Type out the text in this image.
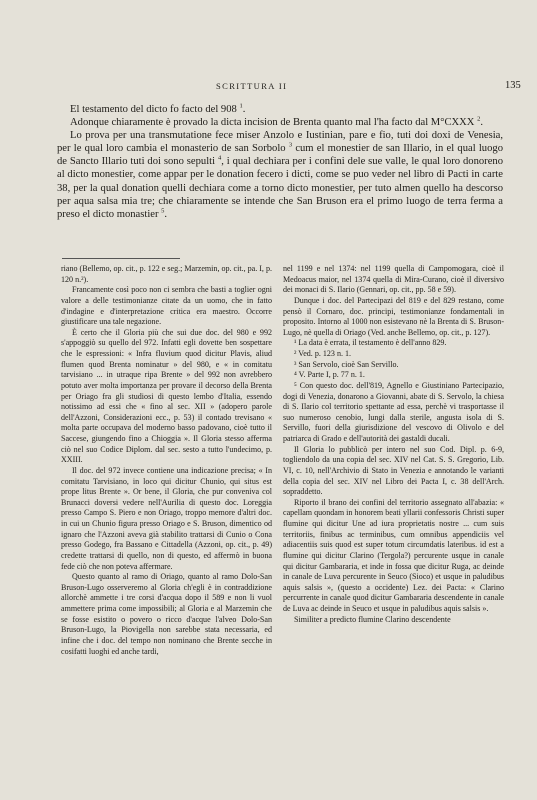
SCRITTURA II	135

El testamento del dicto fo facto del 908 $^1$.

Adonque chiaramente è provado la dicta incision de Brenta quanto mal l'ha facto dal M°CXXX $^2$.

Lo prova per una transmutatione fece miser Anzolo e Iustinian, pare e fio, tuti doi doxi de Venesia, per le qual loro cambia el monasterio de san Sorbolo $^3$ cum el monestier de san Illario, in el qual luogo de Sancto Illario tuti doi sono sepulti $^4$, i qual dechiara per i confini dele sue valle, le qual loro donoreno al dicto monestier, come appar per le donation fecero i dicti, come se puo veder nel libro di Pacti in carte 38, per la qual donation quelli dechiara come a torno dicto monestier, per tuto almen quello ha descorso per aqua salsa mia tre; che chiaramente se intende che San Bruson era el primo luogo de terra ferma a preso el dicto monastier $^5$.

riano (Bellemo, op. cit., p. 122 e seg.; Marzemin, op. cit., pa. I, p. 120 n.²).

Francamente così poco non ci sembra che basti a toglier ogni valore a delle testimonianze citate da un uomo, che in fatto d'indagine e d'interpretazione critica era maestro. Occorre giustificare una tale negazione.

È certo che il Gloria più che sui due doc. del 980 e 992 s'appoggiò su quello del 972. Infatti egli dovette ben sospettare che le espressioni: « Infra fluvium quod dicitur Plavis, aliud flumen quod Brenta nominatur » del 980, e « in comitatu tarvisiano ... in utraque ripa Brente » del 992 non avrebbero potuto aver molta importanza per provare il decorso della Brenta per Oriago fra gli studiosi di questo lembo d'Italia, essendo notissimo ad essi che « fino al sec. XII » (adopero parole dell'Azzoni, Considerazioni ecc., p. 53) il contado trevisano « molta parte occupava del moderno basso padovano, cioè tutto il Saccese, giungendo fino a Chioggia ». Il Gloria stesso afferma ciò nel suo Codice Diplom. dal sec. sesto a tutto l'undecimo, p. XXIII.

Il doc. del 972 invece contiene una indicazione precisa; « In comitatu Tarvisiano, in loco qui dicitur Chunio, qui situs est prope litus Brente ». Or bene, il Gloria, che pur conveniva col Brunacci doversi vedere nell'Aurilia di questo doc. Loreggia presso Campo S. Piero e non Oriago, troppo memore d'altri doc. in cui un Chunio figura presso Oriago e S. Bruson, dimentico od ignaro che l'Azzoni aveva già stabilito trattarsi di Cunio o Cona presso Godego, fra Bassano e Cittadella (Azzoni, op. cit., p. 49) credette trattarsi di quello, non di questo, ed affermò in buona fede ciò che non poteva affermare.

Questo quanto al ramo di Oriago, quanto al ramo Dolo-San Bruson-Lugo osserveremo al Gloria ch'egli è in contraddizione allorchè ammette i tre corsi d'acqua dopo il 589 e non li vuol ammettere prima come impossibili; al Gloria e al Marzemin che se fosse esistito o povero o ricco d'acque l'alveo Dolo-San Bruson-Lugo, la Piovigella non sarebbe stata necessaria, ed infine che i doc. del tempo non nominano che Brente secche in cosifatti luoghi ed anche tardi,

nel 1199 e nel 1374: nel 1199 quella di Campomogara, cioè il Medoacus maior, nel 1374 quella di Mira-Curano, cioè il diversivo dei monaci di S. Ilario (Gennari, op. cit., pp. 58 e 59).

Dunque i doc. del Partecipazi del 819 e del 829 restano, come pensò il Cornaro, doc. principi, testimonianze fondamentali in proposito. Intorno al 1000 non esistevano nè la Brenta di S. Bruson-Lugo, nè quella di Oriago (Ved. anche Bellemo, op. cit., p. 127).

¹ La data è errata, il testamento è dell'anno 829.

² Ved. p. 123 n. 1.

³ San Servolo, cioè San Servillo.

⁴ V. Parte I, p. 77 n. 1.

⁵ Con questo doc. dell'819, Agnello e Giustiniano Partecipazio, dogi di Venezia, donarono a Giovanni, abate di S. Servolo, la chiesa di S. Ilario col territorio spettante ad essa, perchè vi trasportasse il suo numeroso cenobio, lungi dalla sterile, angusta isola di S. Servillo, fuori della giurisdizione del vescovo di Olivolo e del patriarca di Grado e dell'autorità dei gastaldi ducali.

Il Gloria lo pubblicò per intero nel suo Cod. Dipl. p. 6-9, togliendolo da una copia del sec. XIV nel Cat. S. S. Gregorio, Lib. VI, c. 10, nell'Archivio di Stato in Venezia e annotando le varianti della copia del sec. XIV nel Libro dei Pacta I, c. 38 dell'Arch. sopraddetto.

Riporto il brano dei confini del territorio assegnato all'abazia: « capellam quondam in honorem beati yllarii confessoris Christi super flumine qui dicitur Une ad iura proprietatis nostre ... cum suis territoriis, finibus ac terminibus, cum omnibus appendiciis vel adiacentiis suis quod est super totum circumdatis lateribus. id est a flumine qui dicitur Clarino (Tergola?) percurente usque in canale qui dicitur Gambararia, et inde in fossa que dicitur Ruga, ac deinde in canale de Luva percurente in Seuco (Sioco) et usque in paludibus aquis salsis », (questo a occidente) Lez. dei Pacta: « Clarino percurrente in canale quod dicitur Gambararia descendente in canale de Luva ac deinde in Seuco et usque in paludibus aquis salsis ».

Similiter a predicto flumine Clarino descendente
